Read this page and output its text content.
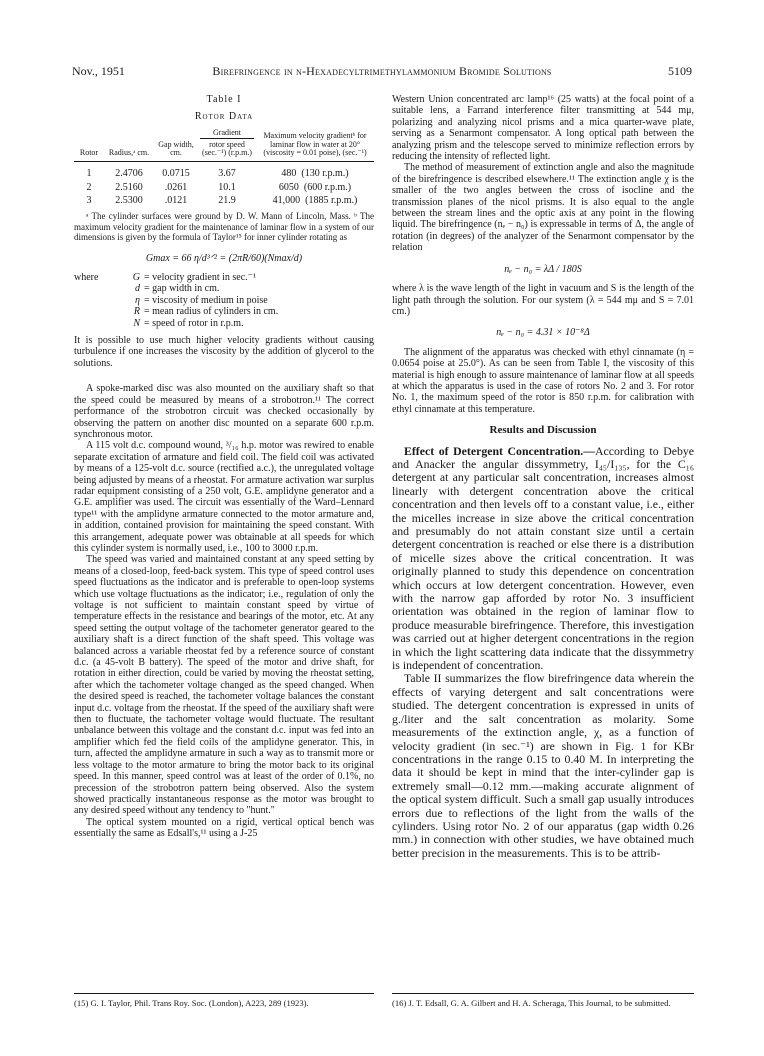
Nov., 1951	Birefringence in n-Hexadecyltrimethylammonium Bromide Solutions	5109
Table I
Rotor Data
Rotor	Radius,ᵃ cm.	Gap width, cm.	Gradient
rotor speed (sec.⁻¹) (r.p.m.)	Maximum velocity gradientᵇ for laminar flow in water at 20° (viscosity = 0.01 poise), (sec.⁻¹)
1	2.4706	0.0715	3.67	480 (130 r.p.m.)
2	2.5160	.0261	10.1	6050 (600 r.p.m.)
3	2.5300	.0121	21.9	41,000 (1885 r.p.m.)

ᵃ The cylinder surfaces were ground by D. W. Mann of Lincoln, Mass. ᵇ The maximum velocity gradient for the maintenance of laminar flow in a system of our dimensions is given by the formula of Taylor¹⁵ for inner cylinder rotating as

Gmax = 66 η/d³ᐟ² = (2πR/60)(Nmax/d)
where	G = velocity gradient in sec.⁻¹
d = gap width in cm.
η = viscosity of medium in poise
R = mean radius of cylinders in cm.
N = speed of rotor in r.p.m.

It is possible to use much higher velocity gradients without causing turbulence if one increases the viscosity by the addition of glycerol to the solutions.

A spoke-marked disc was also mounted on the auxiliary shaft so that the speed could be measured by means of a strobotron.¹¹ The correct performance of the strobotron circuit was checked occasionally by observing the pattern on another disc mounted on a separate 600 r.p.m. synchronous motor.

A 115 volt d.c. compound wound, ³/₁₆ h.p. motor was rewired to enable separate excitation of armature and field coil. The field coil was activated by means of a 125-volt d.c. source (rectified a.c.), the unregulated voltage being adjusted by means of a rheostat. For armature activation war surplus radar equipment consisting of a 250 volt, G.E. amplidyne generator and a G.E. amplifier was used. The circuit was essentially of the Ward–Lennard type¹¹ with the amplidyne armature connected to the motor armature and, in addition, contained provision for maintaining the speed constant. With this arrangement, adequate power was obtainable at all speeds for which this cylinder system is normally used, i.e., 100 to 3000 r.p.m.

The speed was varied and maintained constant at any speed setting by means of a closed-loop, feed-back system. This type of speed control uses speed fluctuations as the indicator and is preferable to open-loop systems which use voltage fluctuations as the indicator; i.e., regulation of only the voltage is not sufficient to maintain constant speed by virtue of temperature effects in the resistance and bearings of the motor, etc. At any speed setting the output voltage of the tachometer generator geared to the auxiliary shaft is a direct function of the shaft speed. This voltage was balanced across a variable rheostat fed by a reference source of constant d.c. (a 45-volt B battery). The speed of the motor and drive shaft, for rotation in either direction, could be varied by moving the rheostat setting, after which the tachometer voltage changed as the speed changed. When the desired speed is reached, the tachometer voltage balances the constant input d.c. voltage from the rheostat. If the speed of the auxiliary shaft were then to fluctuate, the tachometer voltage would fluctuate. The resultant unbalance between this voltage and the constant d.c. input was fed into an amplifier which fed the field coils of the amplidyne generator. This, in turn, affected the amplidyne armature in such a way as to transmit more or less voltage to the motor armature to bring the motor back to its original speed. In this manner, speed control was at least of the order of 0.1%, no precession of the strobotron pattern being observed. Also the system showed practically instantaneous response as the motor was brought to any desired speed without any tendency to "hunt."

The optical system mounted on a rigid, vertical optical bench was essentially the same as Edsall's,¹¹ using a J-25

Western Union concentrated arc lamp¹⁶ (25 watts) at the focal point of a suitable lens, a Farrand interference filter transmitting at 544 mμ, polarizing and analyzing nicol prisms and a mica quarter-wave plate, serving as a Senarmont compensator. A long optical path between the analyzing prism and the telescope served to minimize reflection errors by reducing the intensity of reflected light.

The method of measurement of extinction angle and also the magnitude of the birefringence is described elsewhere.¹¹ The extinction angle χ is the smaller of the two angles between the cross of isocline and the transmission planes of the nicol prisms. It is also equal to the angle between the stream lines and the optic axis at any point in the flowing liquid. The birefringence (nₑ − n₀) is expressable in terms of Δ, the angle of rotation (in degrees) of the analyzer of the Senarmont compensator by the relation

nₑ − n₀ = λΔ / 180S

where λ is the wave length of the light in vacuum and S is the length of the light path through the solution. For our system (λ = 544 mμ and S = 7.01 cm.)

nₑ − n₀ = 4.31 × 10⁻⁸Δ

The alignment of the apparatus was checked with ethyl cinnamate (η = 0.0654 poise at 25.0°). As can be seen from Table I, the viscosity of this material is high enough to assure maintenance of laminar flow at all speeds at which the apparatus is used in the case of rotors No. 2 and 3. For rotor No. 1, the maximum speed of the rotor is 850 r.p.m. for calibration with ethyl cinnamate at this temperature.

Results and Discussion

Effect of Detergent Concentration.—According to Debye and Anacker the angular dissymmetry, I₄₅/I₁₃₅, for the C₁₆ detergent at any particular salt concentration, increases almost linearly with detergent concentration above the critical concentration and then levels off to a constant value, i.e., either the micelles increase in size above the critical concentration and presumably do not attain constant size until a certain detergent concentration is reached or else there is a distribution of micelle sizes above the critical concentration. It was originally planned to study this dependence on concentration which occurs at low detergent concentration. However, even with the narrow gap afforded by rotor No. 3 insufficient orientation was obtained in the region of laminar flow to produce measurable birefringence. Therefore, this investigation was carried out at higher detergent concentrations in the region in which the light scattering data indicate that the dissymmetry is independent of concentration.

Table II summarizes the flow birefringence data wherein the effects of varying detergent and salt concentrations were studied. The detergent concentration is expressed in units of g./liter and the salt concentration as molarity. Some measurements of the extinction angle, χ, as a function of velocity gradient (in sec.⁻¹) are shown in Fig. 1 for KBr concentrations in the range 0.15 to 0.40 M. In interpreting the data it should be kept in mind that the inter-cylinder gap is extremely small—0.12 mm.—making accurate alignment of the optical system difficult. Such a small gap usually introduces errors due to reflections of the light from the walls of the cylinders. Using rotor No. 2 of our apparatus (gap width 0.26 mm.) in connection with other studies, we have obtained much better precision in the measurements. This is to be attrib-

(15) G. I. Taylor, Phil. Trans Roy. Soc. (London), A223, 289 (1923).	(16) J. T. Edsall, G. A. Gilbert and H. A. Scheraga, This Journal, to be submitted.
